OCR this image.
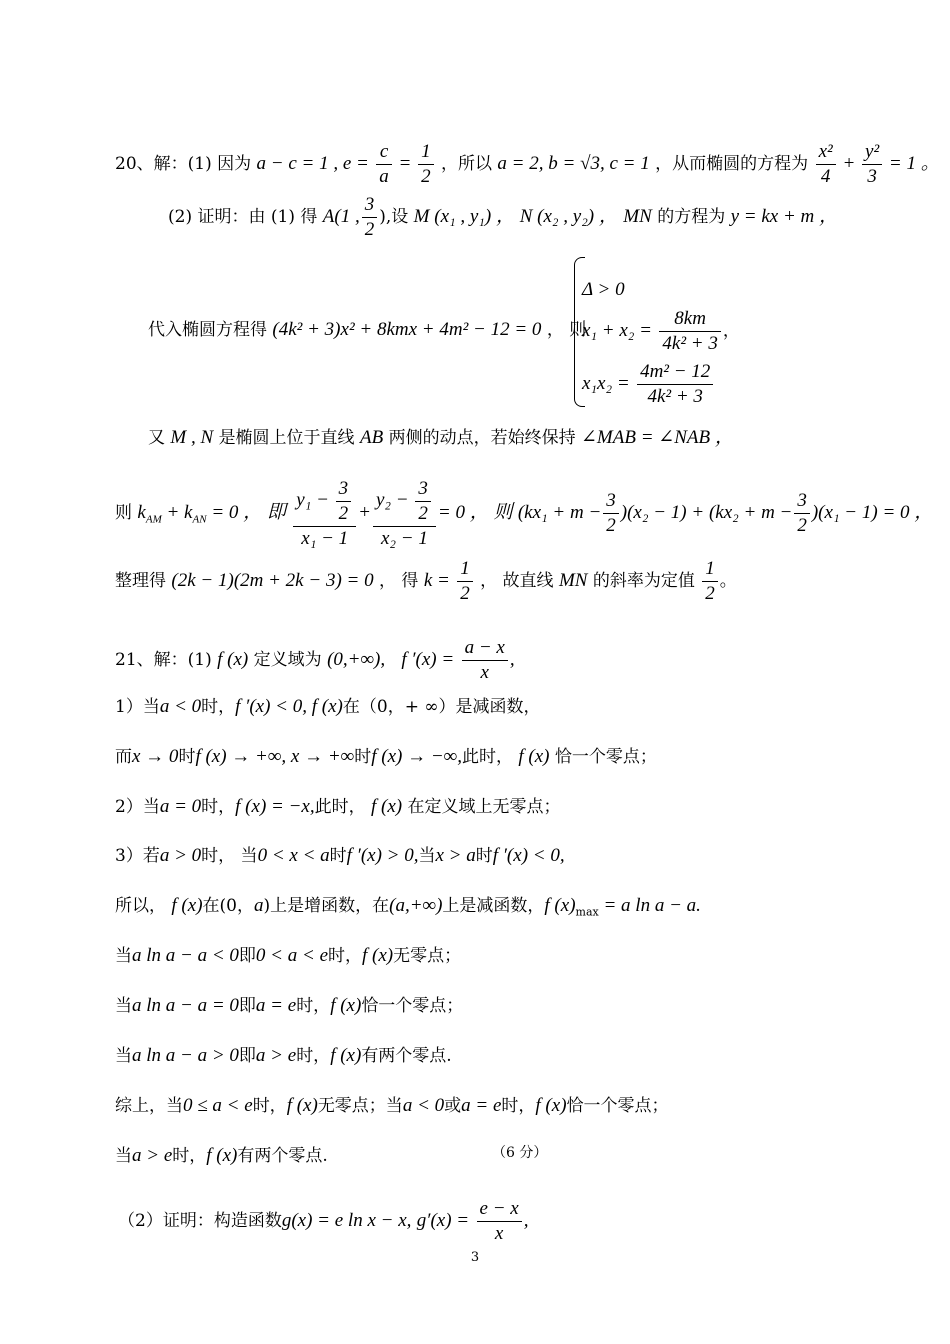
20、解：(1) 因为 a − c = 1 , $e = \frac{c}{a} = \frac{1}{2}$ ，所以 a = 2, b = √3, c = 1 ，从而椭圆的方程为 $\frac{\text{x²}}{4} + \frac{\text{y²}}{3} = 1$ 。
(2) 证明：由 (1) 得 A(1 , $\frac{3}{2}$ ),设 M (x₁ , y₁) ， N (x₂ , y₂) ， MN 的方程为 y = kx + m ，
代入椭圆方程得 (4k² + 3)x² + 8kmx + 4m² − 12 = 0 ， 则
Δ > 0
$x_1 + x_2 = \frac{8km}{\text{4k² + 3}}$ ，
$x_1x_2 = \frac{\text{4m² − 12}}{\text{4k² + 3}}$
又 M , N 是椭圆上位于直线 AB 两侧的动点，若始终保持 ∠MAB = ∠NAB ，
则 $k_{AM} + k_{AN} = 0$ ， 即 $\frac{y_1 - \frac{3}{2}}{\text{x₁ − 1}} + \frac{y_2 - \frac{3}{2}}{\text{x₂ − 1}} = 0$ ， 则 $(kx_1 + m - \frac{3}{2} )(x_2 - 1) + (kx_2 + m - \frac{3}{2} )(x_1 - 1) = 0$ ，
整理得 (2k − 1)(2m + 2k − 3) = 0 ， 得 $k = \frac{1}{2}$ ， 故直线 MN 的斜率为定值 $\frac{1}{2}$ 。
21、解：(1) f (x) 定义域为 (0,+∞), f $'(x) = \frac{a - x}{x}$ ,
1）当a < 0时，f ′(x) < 0, f (x)在（0，+ ∞）是减函数，
而x → 0时f (x) → +∞, x → +∞时f (x) → −∞,此时， f (x) 恰一个零点；
2）当a = 0时，f (x) = −x,此时， f (x) 在定义域上无零点；
3）若a > 0时， 当0 < x < a时f ′(x) > 0,当x > a时f ′(x) < 0,
所以， f (x)在(0，a)上是增函数，在(a,+∞)上是减函数，f $(x)_{max} = a$ ln a − a.
当a ln a − a < 0即0 < a < e时，f (x)无零点；
当a ln a − a = 0即a = e时，f (x)恰一个零点；
当a ln a − a > 0即a > e时，f (x)有两个零点.
综上，当0 ≤ a < e时，f (x)无零点；当a < 0或a = e时，f (x)恰一个零点；
当a > e时，f (x)有两个零点.	（6 分）
（2）证明：构造函数g(x) = e ln x − x, $g'(x) = \frac{e - x}{x}$ ,
3
